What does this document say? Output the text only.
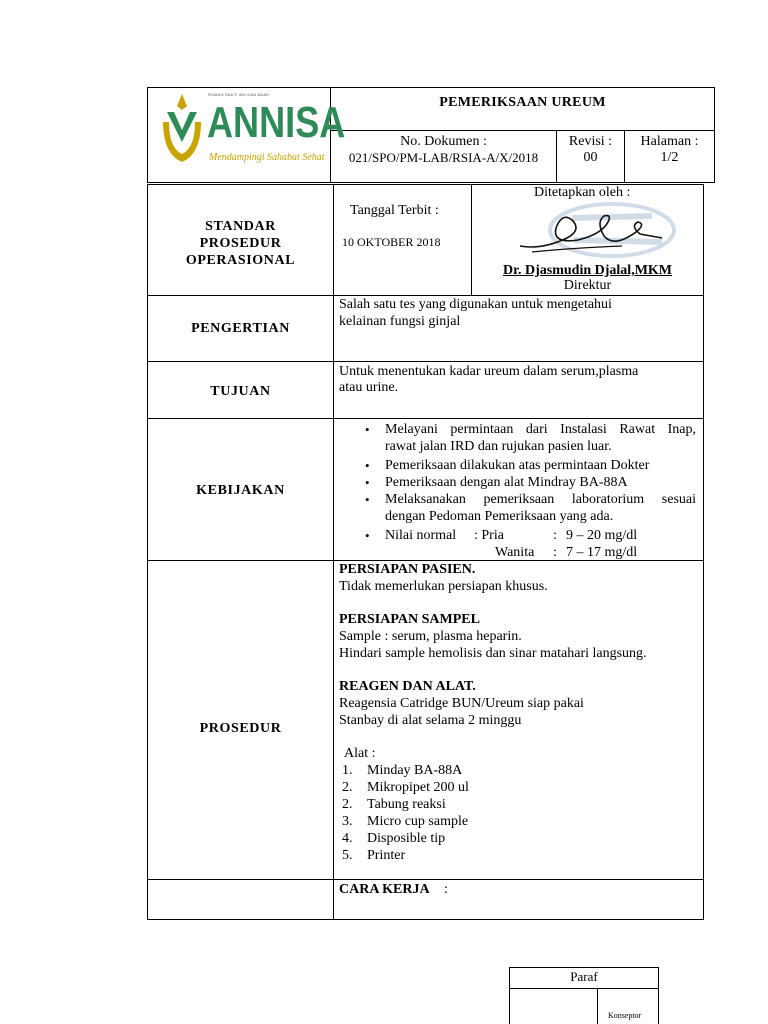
RUMAH SAKIT IBU DAN ANAK
ANNISA
Mendampingi Sahabat Sehat
PEMERIKSAAN UREUM
No. Dokumen :
021/SPO/PM-LAB/RSIA-A/X/2018
Revisi :
00
Halaman :
1/2
STANDAR
PROSEDUR
OPERASIONAL
Tanggal Terbit :
10 OKTOBER 2018
Ditetapkan oleh :
Dr. Djasmudin Djalal,MKM
Direktur
PENGERTIAN
Salah satu tes yang digunakan untuk mengetahui
kelainan fungsi ginjal
TUJUAN
Untuk menentukan kadar ureum dalam serum,plasma
atau urine.
KEBIJAKAN
• Melayani permintaan dari Instalasi Rawat Inap,
rawat jalan IRD dan rujukan pasien luar.
• Pemeriksaan dilakukan atas permintaan Dokter
• Pemeriksaan dengan alat Mindray BA-88A
• Melaksanakan pemeriksaan laboratorium sesuai
dengan Pedoman Pemeriksaan yang ada.
• Nilai normal : Pria	: 9 – 20 mg/dl
Wanita : 7 – 17 mg/dl
PROSEDUR
PERSIAPAN PASIEN.
Tidak memerlukan persiapan khusus.
PERSIAPAN SAMPEL
Sample : serum, plasma heparin.
Hindari sample hemolisis dan sinar matahari langsung.
REAGEN DAN ALAT.
Reagensia Catridge BUN/Ureum siap pakai
Stanbay di alat selama 2 minggu
Alat :
1. Minday BA-88A
2. Mikropipet 200 ul
2. Tabung reaksi
3. Micro cup sample
4. Disposible tip
5. Printer
CARA KERJA :
Paraf
Konseptor
